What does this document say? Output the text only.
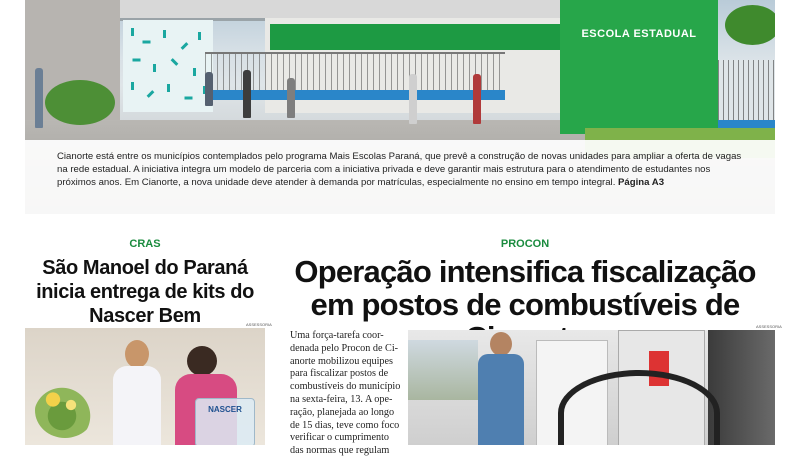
ESCOLA ESTADUAL

Cianorte está entre os municípios contemplados pelo programa Mais Escolas Paraná, que prevê a construção de novas unidades para ampliar a oferta de vagas na rede estadual. A iniciativa integra um modelo de parceria com a iniciativa privada e deve garantir mais estrutura para o atendimento de estudantes nos próximos anos. Em Cianorte, a nova unidade deve atender à demanda por matrículas, especialmente no ensino em tempo integral. Página A3

CRAS
São Manoel do Paraná inicia entrega de kits do Nascer Bem	ASSESSORIA
NASCER
PROCON
Operação intensifica fiscalização em postos de combustíveis de
Uma força-tarefa coor-
denada pelo Procon de Ci-
anorte mobilizou equipes
para fiscalizar postos de
combustíveis do município
na sexta-feira, 13. A ope-
ração, planejada ao longo
de 15 dias, teve como foco
verificar o cumprimento
das normas que regulam
ASSESSORIA
